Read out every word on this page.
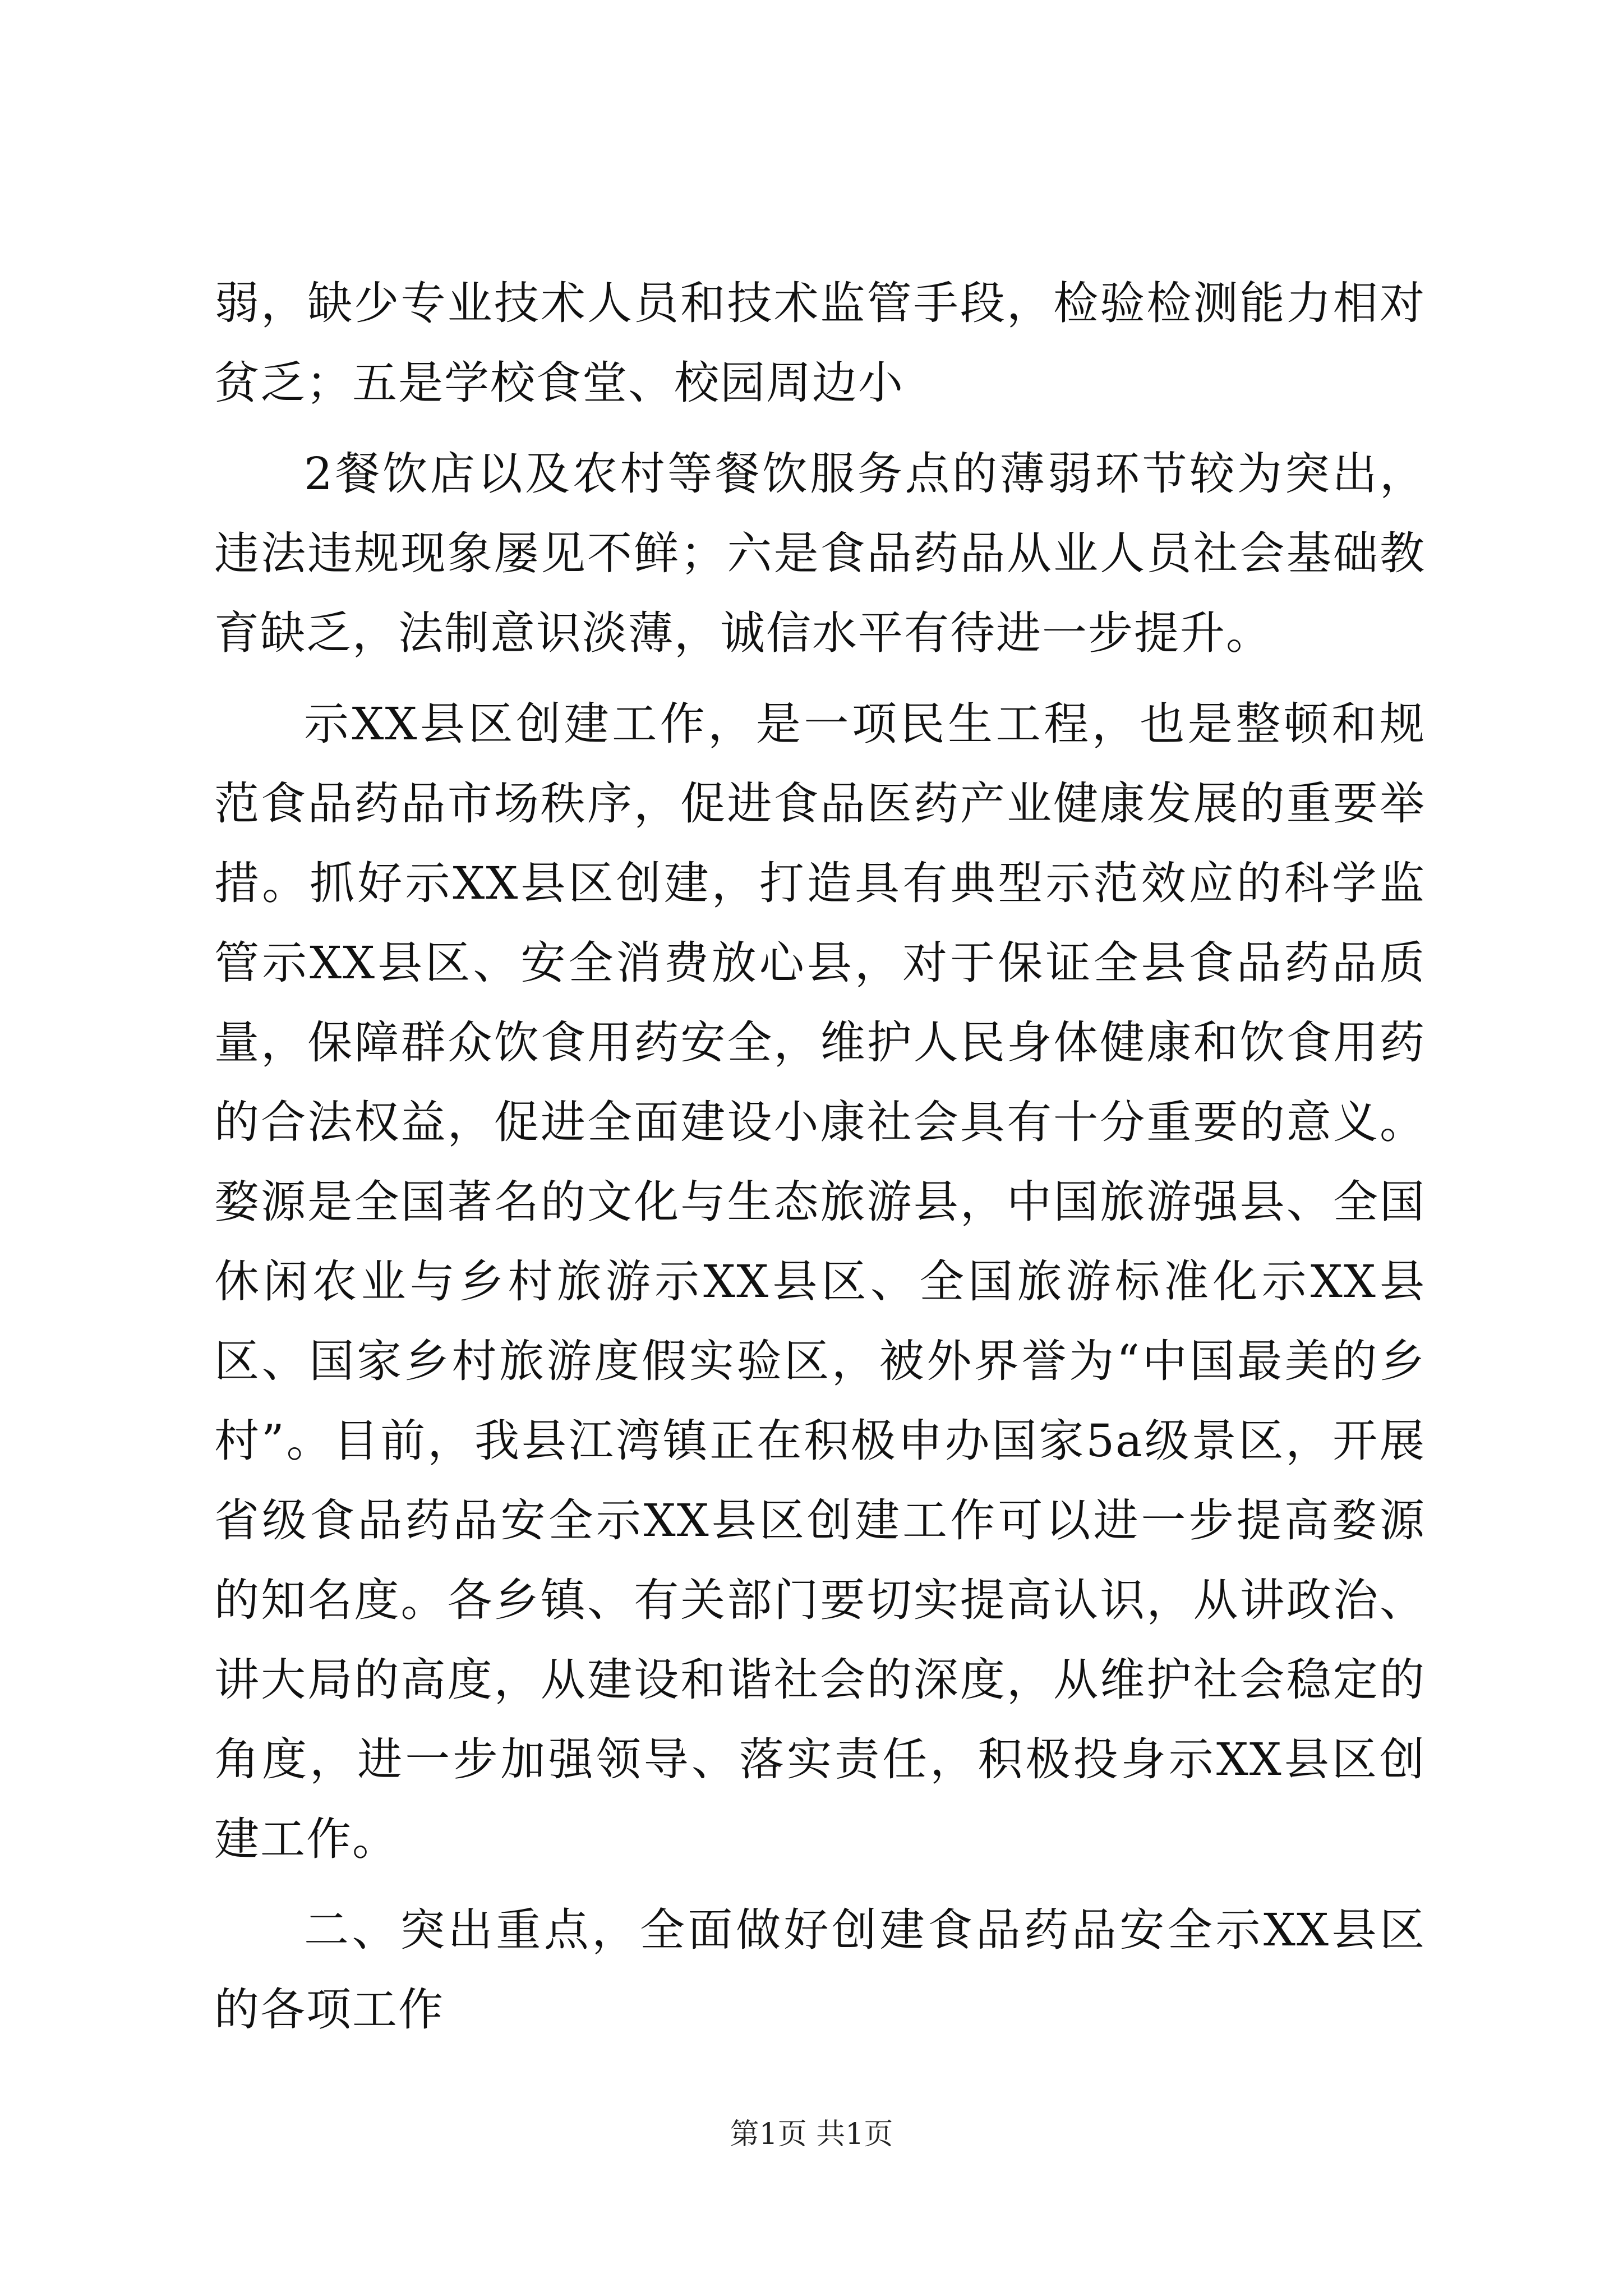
弱，缺少专业技术人员和技术监管手段，检验检测能力相对贫乏；五是学校食堂、校园周边小

2餐饮店以及农村等餐饮服务点的薄弱环节较为突出，违法违规现象屡见不鲜；六是食品药品从业人员社会基础教育缺乏，法制意识淡薄，诚信水平有待进一步提升。

示XX县区创建工作，是一项民生工程，也是整顿和规范食品药品市场秩序，促进食品医药产业健康发展的重要举措。抓好示XX县区创建，打造具有典型示范效应的科学监管示XX县区、安全消费放心县，对于保证全县食品药品质量，保障群众饮食用药安全，维护人民身体健康和饮食用药的合法权益，促进全面建设小康社会具有十分重要的意义。婺源是全国著名的文化与生态旅游县，中国旅游强县、全国休闲农业与乡村旅游示XX县区、全国旅游标准化示XX县区、国家乡村旅游度假实验区，被外界誉为“中国最美的乡村”。目前，我县江湾镇正在积极申办国家5a级景区，开展省级食品药品安全示XX县区创建工作可以进一步提高婺源的知名度。各乡镇、有关部门要切实提高认识，从讲政治、讲大局的高度，从建设和谐社会的深度，从维护社会稳定的角度，进一步加强领导、落实责任，积极投身示XX县区创建工作。

二、突出重点，全面做好创建食品药品安全示XX县区的各项工作

第1页 共1页
